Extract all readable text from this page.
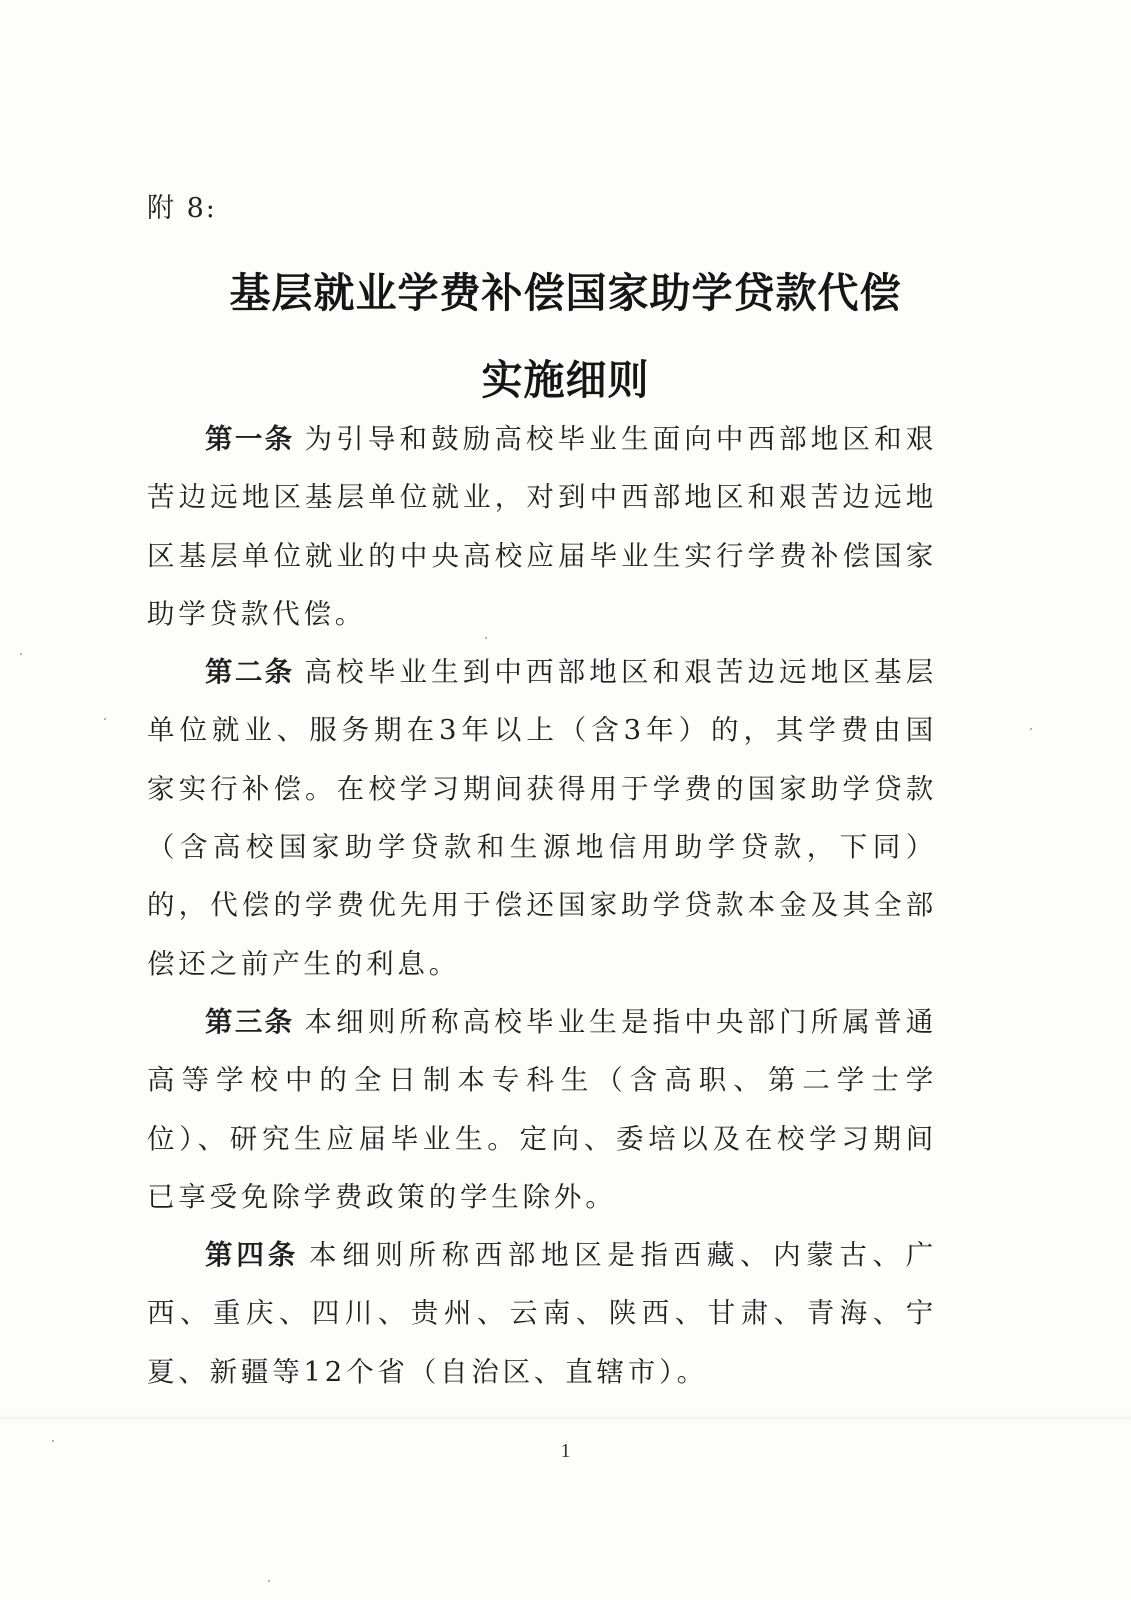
附 8:
基层就业学费补偿国家助学贷款代偿
实施细则

第一条 为引导和鼓励高校毕业生面向中西部地区和艰苦边远地区基层单位就业，对到中西部地区和艰苦边远地区基层单位就业的中央高校应届毕业生实行学费补偿国家助学贷款代偿。

第二条 高校毕业生到中西部地区和艰苦边远地区基层单位就业、服务期在3年以上（含3年）的，其学费由国家实行补偿。在校学习期间获得用于学费的国家助学贷款（含高校国家助学贷款和生源地信用助学贷款，下同）的，代偿的学费优先用于偿还国家助学贷款本金及其全部偿还之前产生的利息。

第三条 本细则所称高校毕业生是指中央部门所属普通高等学校中的全日制本专科生（含高职、第二学士学位）、研究生应届毕业生。定向、委培以及在校学习期间已享受免除学费政策的学生除外。

第四条 本细则所称西部地区是指西藏、内蒙古、广西、重庆、四川、贵州、云南、陕西、甘肃、青海、宁夏、新疆等12个省（自治区、直辖市）。

1
